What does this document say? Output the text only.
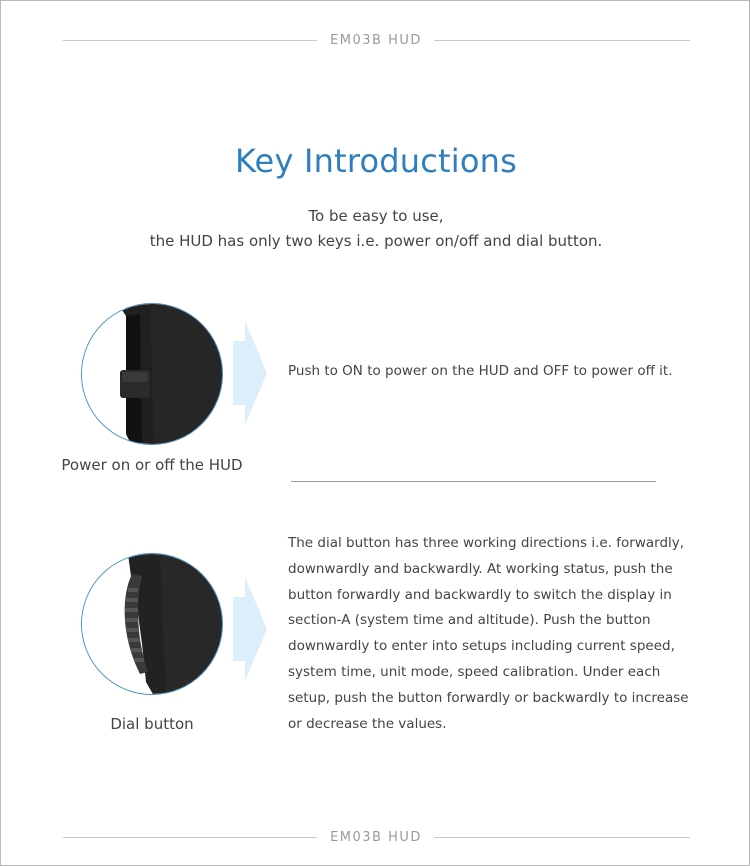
EM03B HUD
Key Introductions
To be easy to use,
the HUD has only two keys i.e. power on/off and dial button.
Power on or off the HUD
Push to ON to power on the HUD and OFF to power off it.
Dial button
The dial button has three working directions i.e. forwardly,
downwardly and backwardly. At working status, push the
button forwardly and backwardly to switch the display in
section-A (system time and altitude). Push the button
downwardly to enter into setups including current speed,
system time, unit mode, speed calibration. Under each
setup, push the button forwardly or backwardly to increase
or decrease the values.
EM03B HUD
